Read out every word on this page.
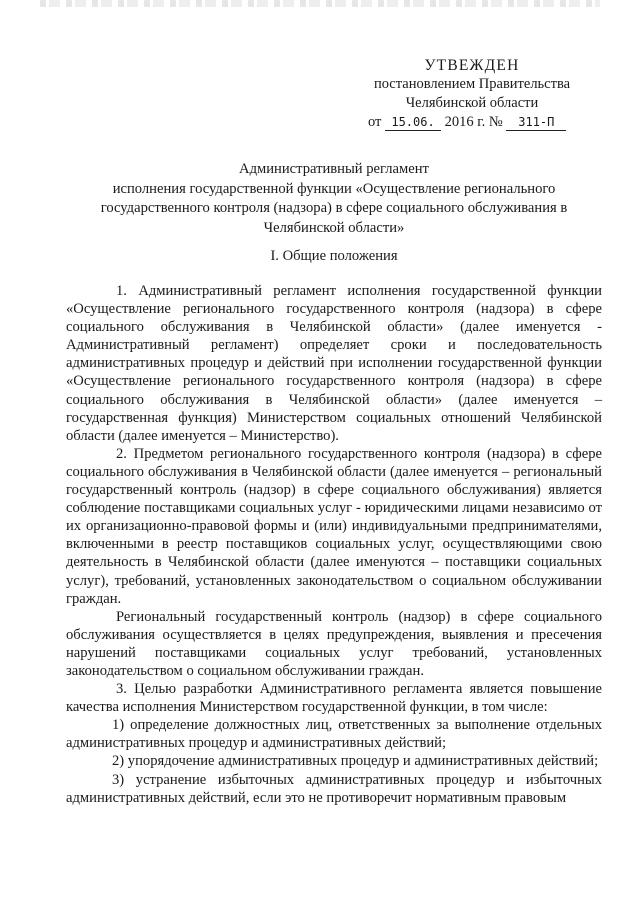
УТВЕЖДЕН
постановлением Правительства
Челябинской области
от 15.06. 2016 г. № 311-П
Административный регламент
исполнения государственной функции «Осуществление регионального
государственного контроля (надзора) в сфере социального обслуживания в
Челябинской области»
I. Общие положения

1. Административный регламент исполнения государственной функции «Осуществление регионального государственного контроля (надзора) в сфере социального обслуживания в Челябинской области» (далее именуется - Административный регламент) определяет сроки и последовательность административных процедур и действий при исполнении государственной функции «Осуществление регионального государственного контроля (надзора) в сфере социального обслуживания в Челябинской области» (далее именуется – государственная функция) Министерством социальных отношений Челябинской области (далее именуется – Министерство).

2. Предметом регионального государственного контроля (надзора) в сфере социального обслуживания в Челябинской области (далее именуется – региональный государственный контроль (надзор) в сфере социального обслуживания) является соблюдение поставщиками социальных услуг - юридическими лицами независимо от их организационно-правовой формы и (или) индивидуальными предпринимателями, включенными в реестр поставщиков социальных услуг, осуществляющими свою деятельность в Челябинской области (далее именуются – поставщики социальных услуг), требований, установленных законодательством о социальном обслуживании граждан.

Региональный государственный контроль (надзор) в сфере социального обслуживания осуществляется в целях предупреждения, выявления и пресечения нарушений поставщиками социальных услуг требований, установленных законодательством о социальном обслуживании граждан.

3. Целью разработки Административного регламента является повышение качества исполнения Министерством государственной функции, в том числе:

1) определение должностных лиц, ответственных за выполнение отдельных административных процедур и административных действий;

2) упорядочение административных процедур и административных действий;

3) устранение избыточных административных процедур и избыточных административных действий, если это не противоречит нормативным правовым
